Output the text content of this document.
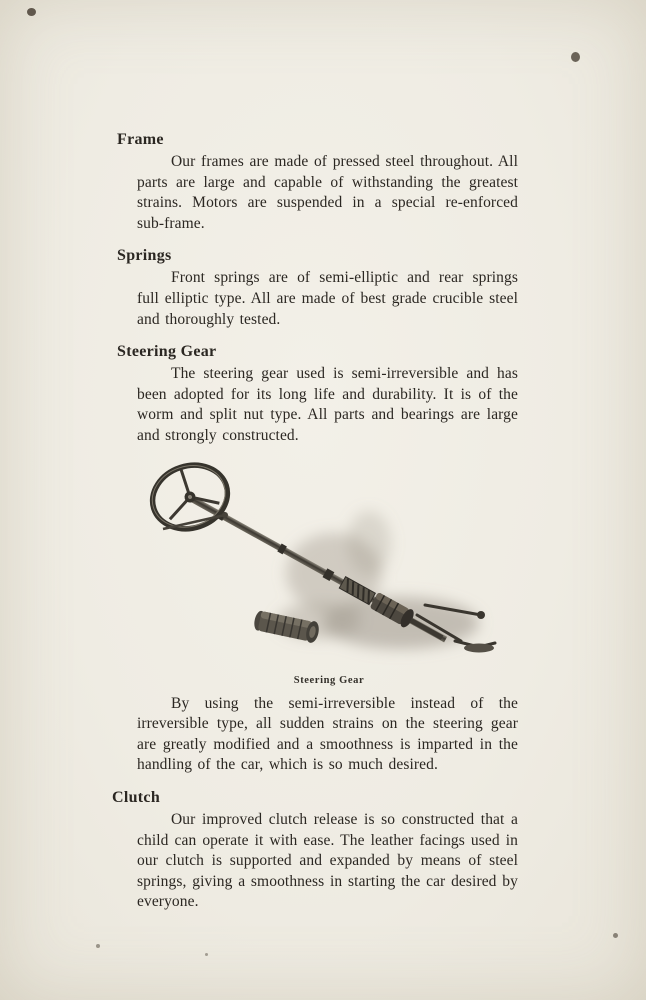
Frame

Our frames are made of pressed steel throughout. All parts are large and capable of withstanding the greatest strains. Motors are suspended in a special re-enforced sub-frame.

Springs

Front springs are of semi-elliptic and rear springs full elliptic type. All are made of best grade crucible steel and thoroughly tested.

Steering Gear

The steering gear used is semi-irreversible and has been adopted for its long life and durability. It is of the worm and split nut type. All parts and bearings are large and strongly constructed.

Steering Gear

By using the semi-irreversible instead of the irreversible type, all sudden strains on the steering gear are greatly modified and a smoothness is imparted in the handling of the car, which is so much desired.

Clutch

Our improved clutch release is so constructed that a child can operate it with ease. The leather facings used in our clutch is supported and expanded by means of steel springs, giving a smoothness in starting the car desired by everyone.
